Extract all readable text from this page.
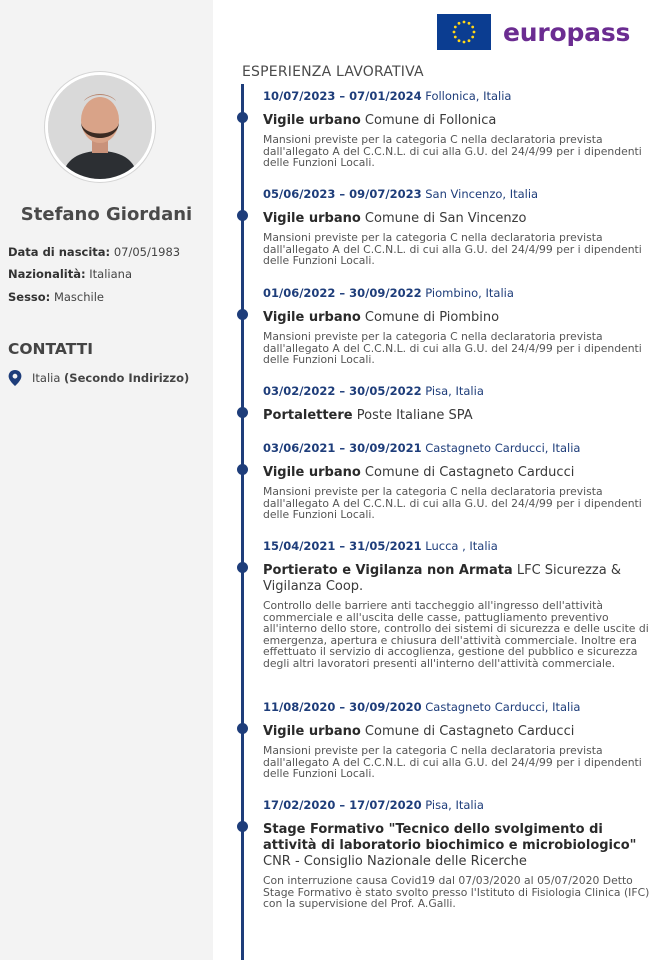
Stefano Giordani
Data di nascita: 07/05/1983
Nazionalità: Italiana
Sesso: Maschile
CONTATTI
Italia
(Secondo Indirizzo)
europass
ESPERIENZA LAVORATIVA
10/07/2023 – 07/01/2024 Follonica, Italia
Vigile urbano Comune di Follonica
Mansioni previste per la categoria C nella declaratoria prevista dall'allegato A del C.C.N.L. di cui alla G.U. del 24/4/99 per i dipendenti delle Funzioni Locali.
05/06/2023 – 09/07/2023 San Vincenzo, Italia
Vigile urbano Comune di San Vincenzo
Mansioni previste per la categoria C nella declaratoria prevista dall'allegato A del C.C.N.L. di cui alla G.U. del 24/4/99 per i dipendenti delle Funzioni Locali.
01/06/2022 – 30/09/2022 Piombino, Italia
Vigile urbano Comune di Piombino
Mansioni previste per la categoria C nella declaratoria prevista dall'allegato A del C.C.N.L. di cui alla G.U. del 24/4/99 per i dipendenti delle Funzioni Locali.
03/02/2022 – 30/05/2022 Pisa, Italia
Portalettere Poste Italiane SPA
03/06/2021 – 30/09/2021 Castagneto Carducci, Italia
Vigile urbano Comune di Castagneto Carducci
Mansioni previste per la categoria C nella declaratoria prevista dall'allegato A del C.C.N.L. di cui alla G.U. del 24/4/99 per i dipendenti delle Funzioni Locali.
15/04/2021 – 31/05/2021 Lucca , Italia
Portierato e Vigilanza non Armata LFC Sicurezza & Vigilanza Coop.
Controllo delle barriere anti taccheggio all'ingresso dell'attività commerciale e all'uscita delle casse, pattugliamento preventivo all'interno dello store, controllo dei sistemi di sicurezza e delle uscite di emergenza, apertura e chiusura dell'attività commerciale. Inoltre era effettuato il servizio di accoglienza, gestione del pubblico e sicurezza degli altri lavoratori presenti all'interno dell'attività commerciale.
11/08/2020 – 30/09/2020 Castagneto Carducci, Italia
Vigile urbano Comune di Castagneto Carducci
Mansioni previste per la categoria C nella declaratoria prevista dall'allegato A del C.C.N.L. di cui alla G.U. del 24/4/99 per i dipendenti delle Funzioni Locali.
17/02/2020 – 17/07/2020 Pisa, Italia
Stage Formativo "Tecnico dello svolgimento di attività di laboratorio biochimico e microbiologico" CNR - Consiglio Nazionale delle Ricerche
Con interruzione causa Covid19 dal 07/03/2020 al 05/07/2020 Detto Stage Formativo è stato svolto presso l'Istituto di Fisiologia Clinica (IFC) con la supervisione del Prof. A.Galli.
